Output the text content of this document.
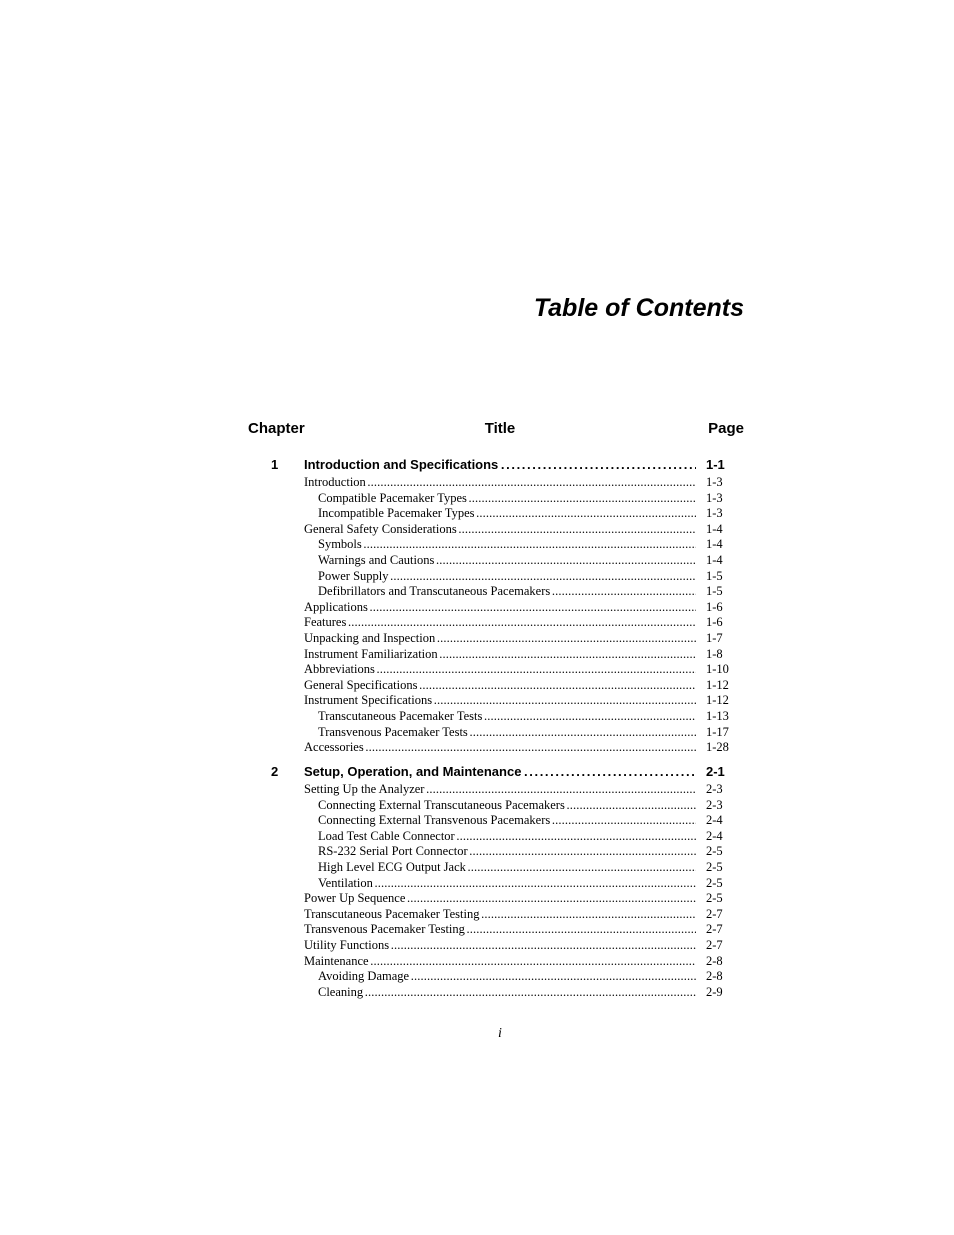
Table of Contents
Chapter	Title	Page
1 Introduction and Specifications . . .	1-1
Introduction . . .	1-3
Compatible Pacemaker Types . . .	1-3
Incompatible Pacemaker Types . . .	1-3
General Safety Considerations . . .	1-4
Symbols . . .	1-4
Warnings and Cautions . . .	1-4
Power Supply . . .	1-5
Defibrillators and Transcutaneous Pacemakers . . .	1-5
Applications . . .	1-6
Features . . .	1-6
Unpacking and Inspection . . .	1-7
Instrument Familiarization . . .	1-8
Abbreviations . . .	1-10
General Specifications . . .	1-12
Instrument Specifications . . .	1-12
Transcutaneous Pacemaker Tests . . .	1-13
Transvenous Pacemaker Tests . . .	1-17
Accessories . . .	1-28
2 Setup, Operation, and Maintenance . . .	2-1
Setting Up the Analyzer . . .	2-3
Connecting External Transcutaneous Pacemakers . . .	2-3
Connecting External Transvenous Pacemakers . . .	2-4
Load Test Cable Connector . . .	2-4
RS-232 Serial Port Connector . . .	2-5
High Level ECG Output Jack . . .	2-5
Ventilation . . .	2-5
Power Up Sequence . . .	2-5
Transcutaneous Pacemaker Testing . . .	2-7
Transvenous Pacemaker Testing . . .	2-7
Utility Functions . . .	2-7
Maintenance . . .	2-8
Avoiding Damage . . .	2-8
Cleaning . . .	2-9
i
